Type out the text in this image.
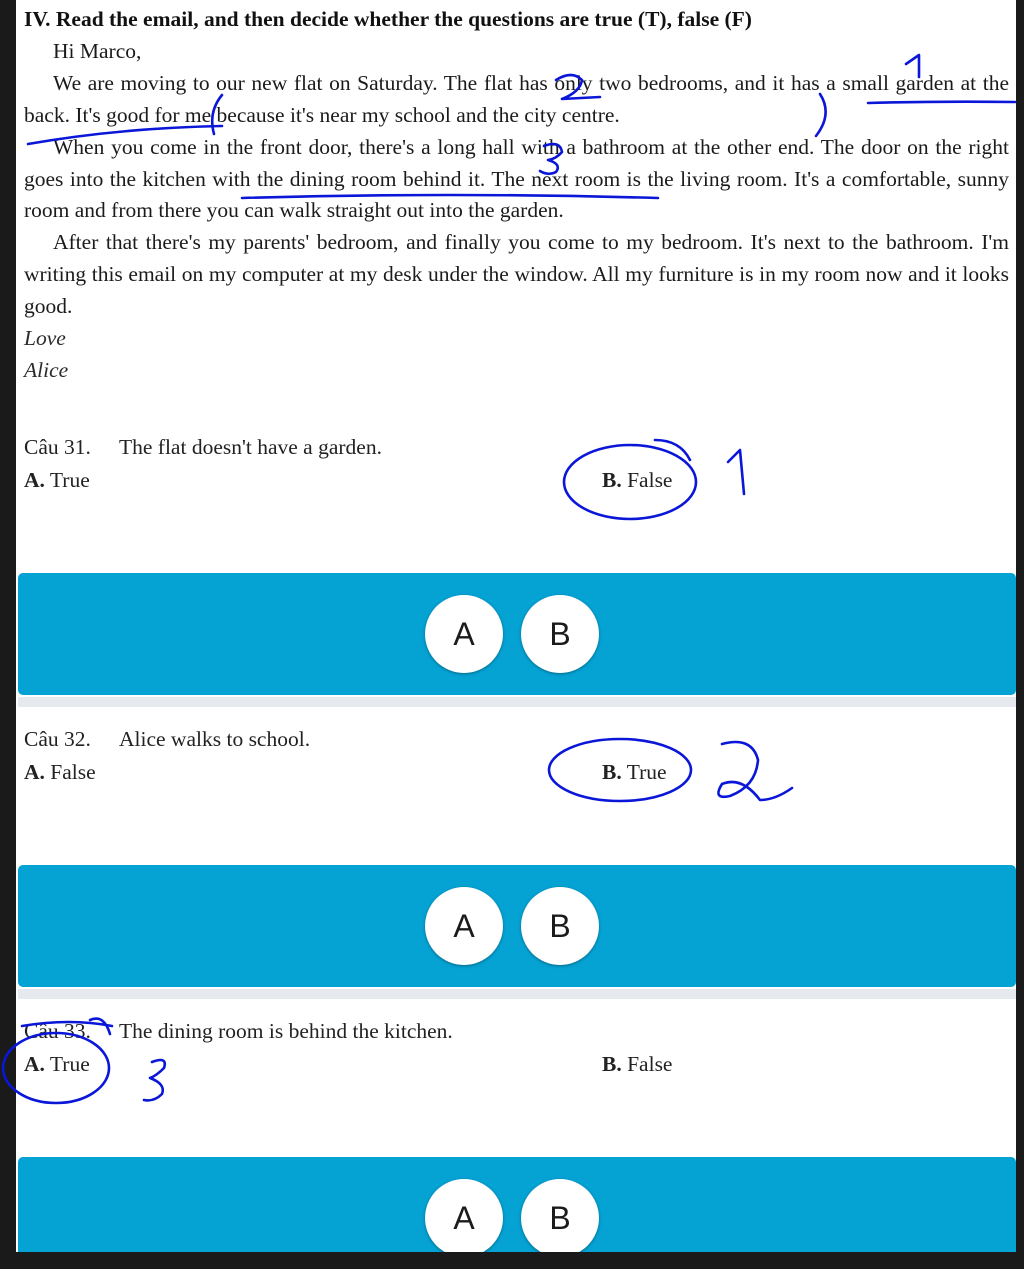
IV. Read the email, and then decide whether the questions are true (T), false (F)

Hi Marco,

We are moving to our new flat on Saturday. The flat has only two bedrooms, and it has a small garden at the back. It's good for me because it's near my school and the city centre.

When you come in the front door, there's a long hall with a bathroom at the other end. The door on the right goes into the kitchen with the dining room behind it. The next room is the living room. It's a comfortable, sunny room and from there you can walk straight out into the garden.

After that there's my parents' bedroom, and finally you come to my bedroom. It's next to the bathroom. I'm writing this email on my computer at my desk under the window. All my furniture is in my room now and it looks good.

Love

Alice

Câu 31. The flat doesn't have a garden.
A. True	B. False
A	B
Câu 32. Alice walks to school.
A. False	B. True
A	B
Câu 33. The dining room is behind the kitchen.
A. True	B. False
A	B
